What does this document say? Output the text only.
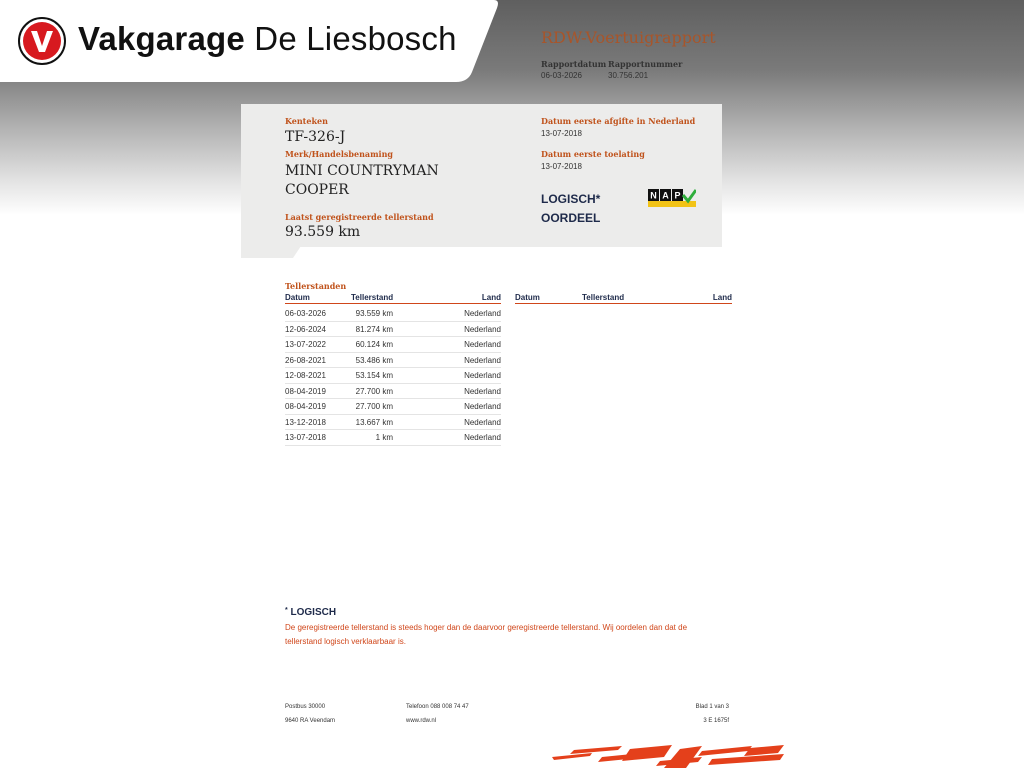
Vakgarage De Liesbosch	RDW-Voertuigrapport
Rapportdatum Rapportnummer
06-03-2026	30.756.201
Kenteken
TF-326-J
Merk/Handelsbenaming
MINI COUNTRYMAN
COOPER
Laatst geregistreerde tellerstand
93.559 km
Datum eerste afgifte in Nederland
13-07-2018
Datum eerste toelating
13-07-2018
LOGISCH*
OORDEEL
N A P
Tellerstanden
Datum	Tellerstand	Land Datum	Tellerstand	Land
06-03-2026	93.559 km	Nederland
12-06-2024	81.274 km	Nederland
13-07-2022	60.124 km	Nederland
26-08-2021	53.486 km	Nederland
12-08-2021	53.154 km	Nederland
08-04-2019	27.700 km	Nederland
08-04-2019	27.700 km	Nederland
13-12-2018	13.667 km	Nederland
13-07-2018	1 km	Nederland
* LOGISCH
De geregistreerde tellerstand is steeds hoger dan de daarvoor geregistreerde tellerstand. Wij oordelen dan dat de tellerstand logisch verklaarbaar is.
Postbus 30000
9640 RA Veendam
Telefoon 088 008 74 47
www.rdw.nl
Blad 1 van 3
3 E 1675f
